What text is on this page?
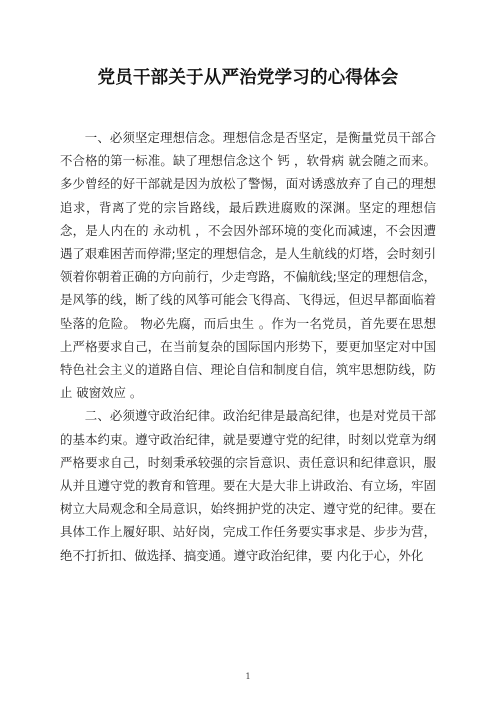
党员干部关于从严治党学习的心得体会

一、必须坚定理想信念。理想信念是否坚定，是衡量党员干部合不合格的第一标准。缺了理想信念这个 钙 ，软骨病 就会随之而来。多少曾经的好干部就是因为放松了警惕，面对诱惑放弃了自己的理想追求，背离了党的宗旨路线，最后跌进腐败的深渊。坚定的理想信念，是人内在的 永动机 ，不会因外部环境的变化而减速，不会因遭遇了艰难困苦而停滞;坚定的理想信念，是人生航线的灯塔，会时刻引领着你朝着正确的方向前行，少走弯路，不偏航线;坚定的理想信念，是风筝的线，断了线的风筝可能会飞得高、飞得远，但迟早都面临着坠落的危险。 物必先腐，而后虫生 。作为一名党员，首先要在思想上严格要求自己，在当前复杂的国际国内形势下，要更加坚定对中国特色社会主义的道路自信、理论自信和制度自信，筑牢思想防线，防止 破窗效应 。

二、必须遵守政治纪律。政治纪律是最高纪律，也是对党员干部的基本约束。遵守政治纪律，就是要遵守党的纪律，时刻以党章为纲严格要求自己，时刻秉承较强的宗旨意识、责任意识和纪律意识，服从并且遵守党的教育和管理。要在大是大非上讲政治、有立场，牢固树立大局观念和全局意识，始终拥护党的决定、遵守党的纪律。要在具体工作上履好职、站好岗，完成工作任务要实事求是、步步为营，绝不打折扣、做选择、搞变通。遵守政治纪律，要 内化于心，外化

1
